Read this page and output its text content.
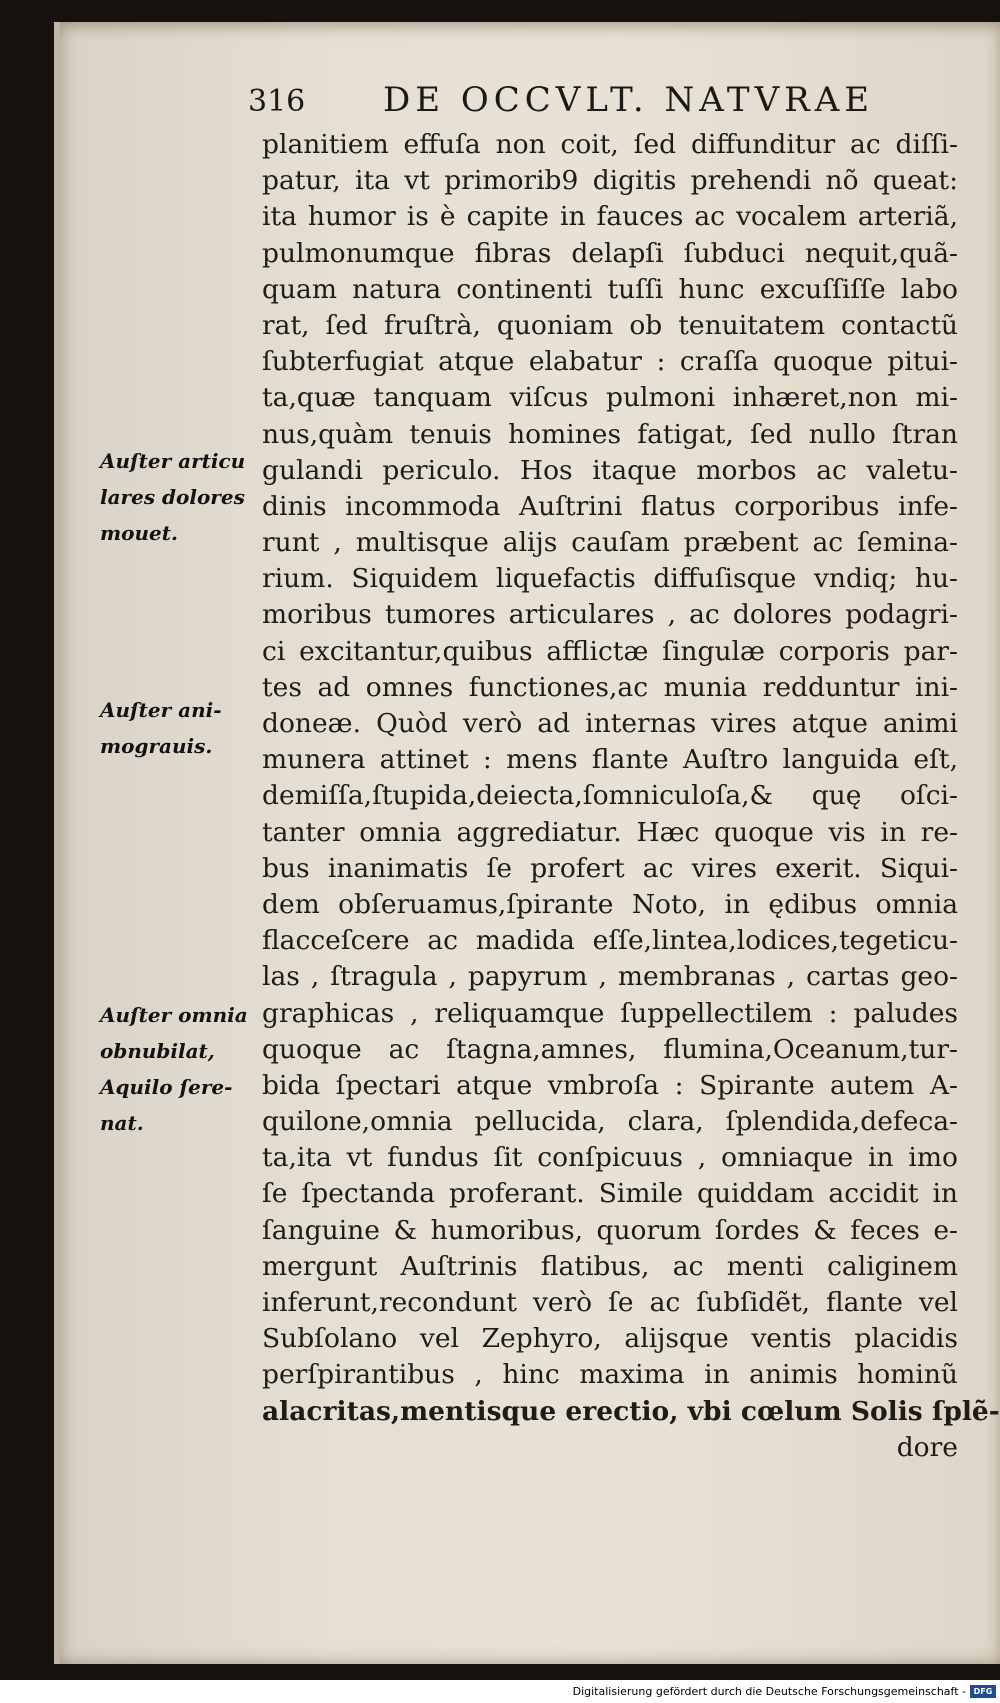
316 DE OCCVLT. NATVRAE
planitiem effuſa non coit, ſed diffunditur ac diſſi-
patur, ita vt primorib9 digitis prehendi nõ queat:
ita humor is è capite in fauces ac vocalem arteriã,
pulmonumque fibras delapſi ſubduci nequit,quã-
quam natura continenti tuſſi hunc excuſſiſſe labo
rat, ſed fruſtrà, quoniam ob tenuitatem contactũ
ſubterfugiat atque elabatur : craſſa quoque pitui-
ta,quæ tanquam viſcus pulmoni inhæret,non mi-
nus,quàm tenuis homines fatigat, ſed nullo ſtran
gulandi periculo. Hos itaque morbos ac valetu-
dinis incommoda Auſtrini flatus corporibus infe-
runt , multisque alijs cauſam præbent ac ſemina-
rium. Siquidem liquefactis diffuſisque vndiq; hu-
moribus tumores articulares , ac dolores podagri-
ci excitantur,quibus afflictæ ſingulæ corporis par-
tes ad omnes functiones,ac munia redduntur ini-
doneæ. Quòd verò ad internas vires atque animi
munera attinet : mens flante Auſtro languida eſt,
demiſſa,ſtupida,deiecta,ſomniculoſa,& quę oſci-
tanter omnia aggrediatur. Hæc quoque vis in re-
bus inanimatis ſe profert ac vires exerit. Siqui-
dem obſeruamus,ſpirante Noto, in ędibus omnia
flacceſcere ac madida eſſe,lintea,lodices,tegeticu-
las , ſtragula , papyrum , membranas , cartas geo-
graphicas , reliquamque ſuppellectilem : paludes
quoque ac ſtagna,amnes, flumina,Oceanum,tur-
bida ſpectari atque vmbroſa : Spirante autem A-
quilone,omnia pellucida, clara, ſplendida,defeca-
ta,ita vt fundus ſit conſpicuus , omniaque in imo
ſe ſpectanda proferant. Simile quiddam accidit in
ſanguine & humoribus, quorum ſordes & feces e-
mergunt Auſtrinis flatibus, ac menti caliginem
inferunt,recondunt verò ſe ac ſubſidẽt, flante vel
Subſolano vel Zephyro, alijsque ventis placidis
perſpirantibus , hinc maxima in animis hominũ
alacritas,mentisque erectio, vbi cœlum Solis ſplẽ-
dore
Auſter articu
lares dolores
mouet.
Auſter ani-
mograuis.
Auſter omnia
obnubilat,
Aquilo ſere-
nat.
Digitalisierung gefördert durch die Deutsche Forschungsgemeinschaft - DFG
